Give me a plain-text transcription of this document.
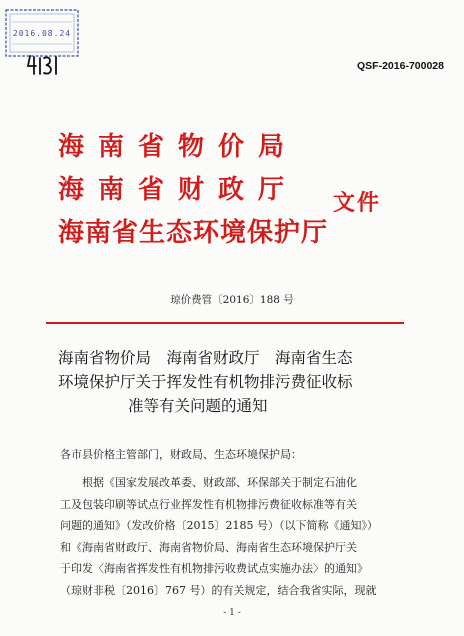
2016.08.24
QSF-2016-700028
海南省物价局
海南省财政厅
海南省生态环境保护厅
文件
琼价费管〔2016〕188 号
海南省物价局　海南省财政厅　海南省生态
环境保护厅关于挥发性有机物排污费征收标
准等有关问题的通知
各市县价格主管部门，财政局、生态环境保护局：
根据《国家发展改革委、财政部、环保部关于制定石油化
工及包装印刷等试点行业挥发性有机物排污费征收标准等有关
问题的通知》（发改价格〔2015〕2185 号）（以下简称《通知》）
和《海南省财政厅、海南省物价局、海南省生态环境保护厅关
于印发〈海南省挥发性有机物排污收费试点实施办法〉的通知》
（琼财非税〔2016〕767 号）的有关规定，结合我省实际，现就
- 1 -
